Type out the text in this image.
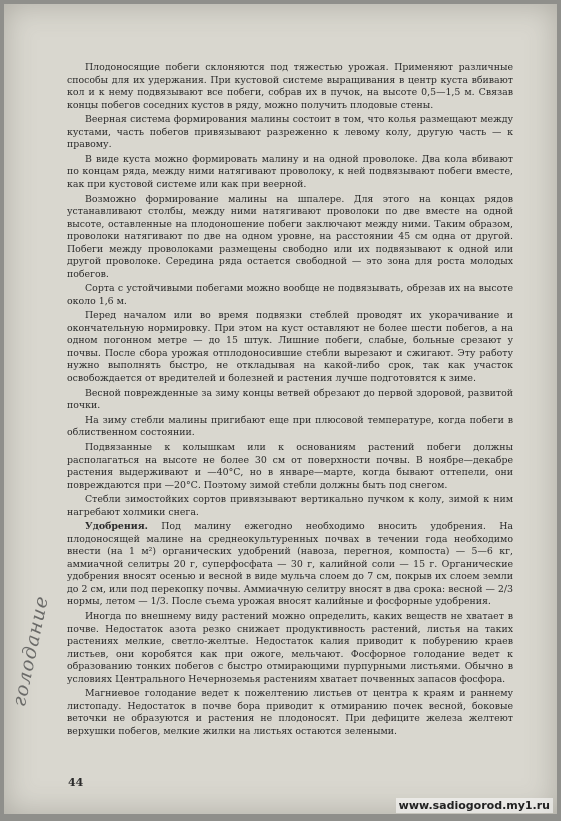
Плодоносящие побеги склоняются под тяжестью урожая. Применяют различные способы для их удержания. При кустовой системе выращивания в центр куста вбивают кол и к нему подвязывают все побеги, собрав их в пучок, на высоте 0,5—1,5 м. Связав концы побегов соседних кустов в ряду, можно получить плодовые стены.

Веерная система формирования малины состоит в том, что колья размещают между кустами, часть побегов привязывают разреженно к левому колу, другую часть — к правому.

В виде куста можно формировать малину и на одной проволоке. Два кола вбивают по концам ряда, между ними натягивают проволоку, к ней подвязывают побеги вместе, как при кустовой системе или как при веерной.

Возможно формирование малины на шпалере. Для этого на концах рядов устанавливают столбы, между ними натягивают проволоки по две вместе на одной высоте, оставленные на плодоношение побеги заключают между ними. Таким образом, проволоки натягивают по две на одном уровне, на расстоянии 45 см одна от другой. Побеги между проволоками размещены свободно или их подвязывают к одной или другой проволоке. Середина ряда остается свободной — это зона для роста молодых побегов.

Сорта с устойчивыми побегами можно вообще не подвязывать, обрезав их на высоте около 1,6 м.

Перед началом или во время подвязки стеблей проводят их укорачивание и окончательную нормировку. При этом на куст оставляют не более шести побегов, а на одном погонном метре — до 15 штук. Лишние побеги, слабые, больные срезают у почвы. После сбора урожая отплодоносившие стебли вырезают и сжигают. Эту работу нужно выполнять быстро, не откладывая на какой-либо срок, так как участок освобождается от вредителей и болезней и растения лучше подготовятся к зиме.

Весной поврежденные за зиму концы ветвей обрезают до первой здоровой, развитой почки.

На зиму стебли малины пригибают еще при плюсовой температуре, когда побеги в облиственном состоянии.

Подвязанные к колышкам или к основаниям растений побеги должны располагаться на высоте не более 30 см от поверхности почвы. В ноябре—декабре растения выдерживают и —40°С, но в январе—марте, когда бывают оттепели, они повреждаются при —20°С. Поэтому зимой стебли должны быть под снегом.

Стебли зимостойких сортов привязывают вертикально пучком к колу, зимой к ним нагребают холмики снега.

Удобрения. Под малину ежегодно необходимо вносить удобрения. На плодоносящей малине на среднеокультуренных почвах в течении года необходимо внести (на 1 м²) органических удобрений (навоза, перегноя, компоста) — 5—6 кг, аммиачной селитры 20 г, суперфосфата — 30 г, калийной соли — 15 г. Органические удобрения вносят осенью и весной в виде мульча слоем до 7 см, покрыв их слоем земли до 2 см, или под перекопку почвы. Аммиачную селитру вносят в два срока: весной — 2/3 нормы, летом — 1/3. После съема урожая вносят калийные и фосфорные удобрения.

Иногда по внешнему виду растений можно определить, каких веществ не хватает в почве. Недостаток азота резко снижает продуктивность растений, листья на таких растениях мелкие, светло-желтые. Недостаток калия приводит к побурению краев листьев, они коробятся как при ожоге, мельчают. Фосфорное голодание ведет к образованию тонких побегов с быстро отмирающими пурпурными листьями. Обычно в условиях Центрального Нечерноземья растениям хватает почвенных запасов фосфора.

Магниевое голодание ведет к пожелтению листьев от центра к краям и раннему листопаду. Недостаток в почве бора приводит к отмиранию почек весной, боковые веточки не образуются и растения не плодоносят. При дефиците железа желтеют верхушки побегов, мелкие жилки на листьях остаются зелеными.

44
голодание
www.sadiogorod.my1.ru
